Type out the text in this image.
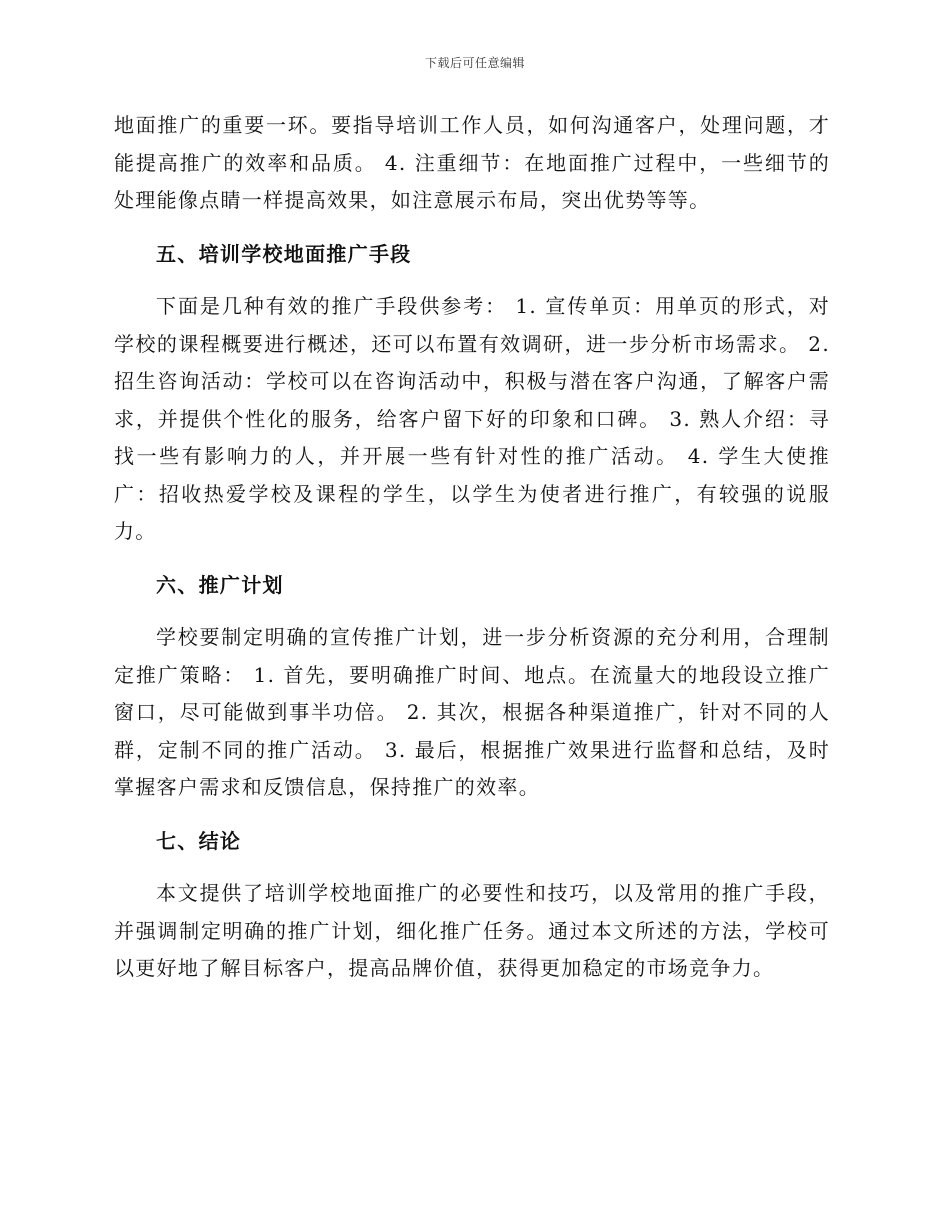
下载后可任意编辑

地面推广的重要一环。要指导培训工作人员，如何沟通客户，处理问题，才能提高推广的效率和品质。 4. 注重细节：在地面推广过程中，一些细节的处理能像点睛一样提高效果，如注意展示布局，突出优势等等。

五、培训学校地面推广手段

下面是几种有效的推广手段供参考： 1. 宣传单页：用单页的形式，对学校的课程概要进行概述，还可以布置有效调研，进一步分析市场需求。 2. 招生咨询活动：学校可以在咨询活动中，积极与潜在客户沟通，了解客户需求，并提供个性化的服务，给客户留下好的印象和口碑。 3. 熟人介绍：寻找一些有影响力的人，并开展一些有针对性的推广活动。 4. 学生大使推广：招收热爱学校及课程的学生，以学生为使者进行推广，有较强的说服力。

六、推广计划

学校要制定明确的宣传推广计划，进一步分析资源的充分利用，合理制定推广策略： 1. 首先，要明确推广时间、地点。在流量大的地段设立推广窗口，尽可能做到事半功倍。 2. 其次，根据各种渠道推广，针对不同的人群，定制不同的推广活动。 3. 最后，根据推广效果进行监督和总结，及时掌握客户需求和反馈信息，保持推广的效率。

七、结论

本文提供了培训学校地面推广的必要性和技巧，以及常用的推广手段，并强调制定明确的推广计划，细化推广任务。通过本文所述的方法，学校可以更好地了解目标客户，提高品牌价值，获得更加稳定的市场竞争力。
